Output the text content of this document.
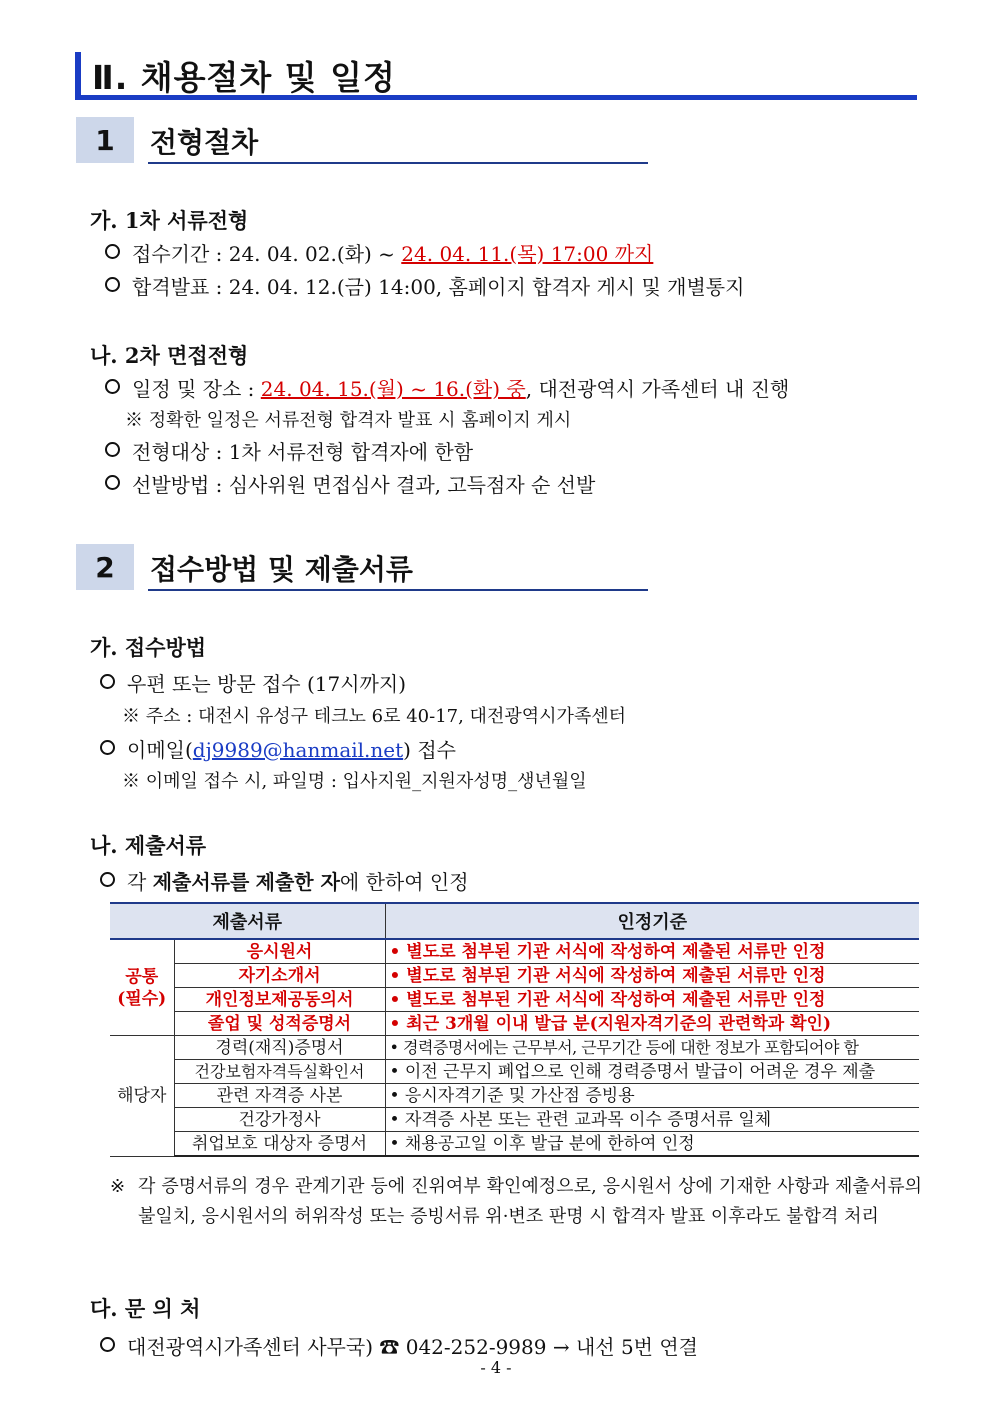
Ⅱ. 채용절차 및 일정
1	전형절차
가. 1차 서류전형
접수기간 : 24. 04. 02.(화) ~ 24. 04. 11.(목) 17:00 까지
합격발표 : 24. 04. 12.(금) 14:00, 홈페이지 합격자 게시 및 개별통지
나. 2차 면접전형
일정 및 장소 : 24. 04. 15.(월) ~ 16.(화) 중, 대전광역시 가족센터 내 진행
※ 정확한 일정은 서류전형 합격자 발표 시 홈페이지 게시
전형대상 : 1차 서류전형 합격자에 한함
선발방법 : 심사위원 면접심사 결과, 고득점자 순 선발
2	접수방법 및 제출서류
가. 접수방법
우편 또는 방문 접수 (17시까지)
※ 주소 : 대전시 유성구 테크노 6로 40-17, 대전광역시가족센터
이메일(dj9989@hanmail.net) 접수
※ 이메일 접수 시, 파일명 : 입사지원_지원자성명_생년월일
나. 제출서류
각 제출서류를 제출한 자에 한하여 인정
제출서류		인정기준
공통
(필수)	응시원서	• 별도로 첨부된 기관 서식에 작성하여 제출된 서류만 인정
	자기소개서	• 별도로 첨부된 기관 서식에 작성하여 제출된 서류만 인정
	개인정보제공동의서	• 별도로 첨부된 기관 서식에 작성하여 제출된 서류만 인정
	졸업 및 성적증명서	• 최근 3개월 이내 발급 분(지원자격기준의 관련학과 확인)
해당자	경력(재직)증명서	• 경력증명서에는 근무부서, 근무기간 등에 대한 정보가 포함되어야 함
	건강보험자격득실확인서	• 이전 근무지 폐업으로 인해 경력증명서 발급이 어려운 경우 제출
	관련 자격증 사본	• 응시자격기준 및 가산점 증빙용
	건강가정사	• 자격증 사본 또는 관련 교과목 이수 증명서류 일체
	취업보호 대상자 증명서	• 채용공고일 이후 발급 분에 한하여 인정
※ 각 증명서류의 경우 관계기관 등에 진위여부 확인예정으로, 응시원서 상에 기재한 사항과 제출서류의 불일치, 응시원서의 허위작성 또는 증빙서류 위·변조 판명 시 합격자 발표 이후라도 불합격 처리
다. 문 의 처
대전광역시가족센터 사무국) ☎ 042-252-9989 → 내선 5번 연결
- 4 -
